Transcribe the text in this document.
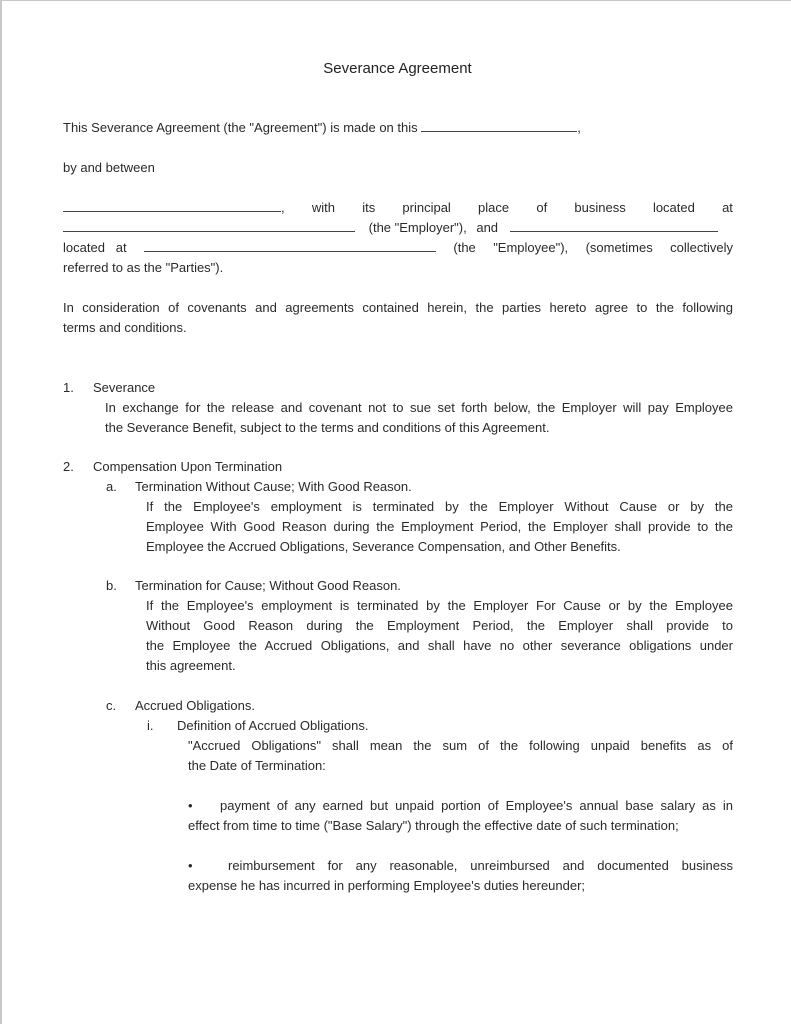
Severance Agreement
This Severance Agreement (the "Agreement") is made on this	,
by and between
, with its principal place of business located at
(the "Employer"), and
located   at	(the "Employee"), (sometimes collectively
referred to as the "Parties").
In consideration of covenants and agreements contained herein, the parties hereto agree to the following
terms and conditions.
1. Severance
In exchange for the release and covenant not to sue set forth below, the Employer will pay Employee
the Severance Benefit, subject to the terms and conditions of this Agreement.
2. Compensation Upon Termination
a. Termination Without Cause; With Good Reason.
If the Employee's employment is terminated by the Employer Without Cause or by the
Employee With Good Reason during the Employment Period, the Employer shall provide to the
Employee the Accrued Obligations, Severance Compensation, and Other Benefits.
b. Termination for Cause; Without Good Reason.
If the Employee's employment is terminated by the Employer For Cause or by the Employee
Without Good Reason during the Employment Period, the Employer shall provide to
the Employee the Accrued Obligations, and shall have no other severance obligations under
this agreement.
c. Accrued Obligations.
i. Definition of Accrued Obligations.
"Accrued Obligations" shall mean the sum of the following unpaid benefits as of
the Date of Termination:
•	payment of any earned but unpaid portion of Employee's annual base salary as in
effect from time to time ("Base Salary") through the effective date of such termination;
•	reimbursement for any reasonable, unreimbursed and documented business
expense he has incurred in performing Employee's duties hereunder;
